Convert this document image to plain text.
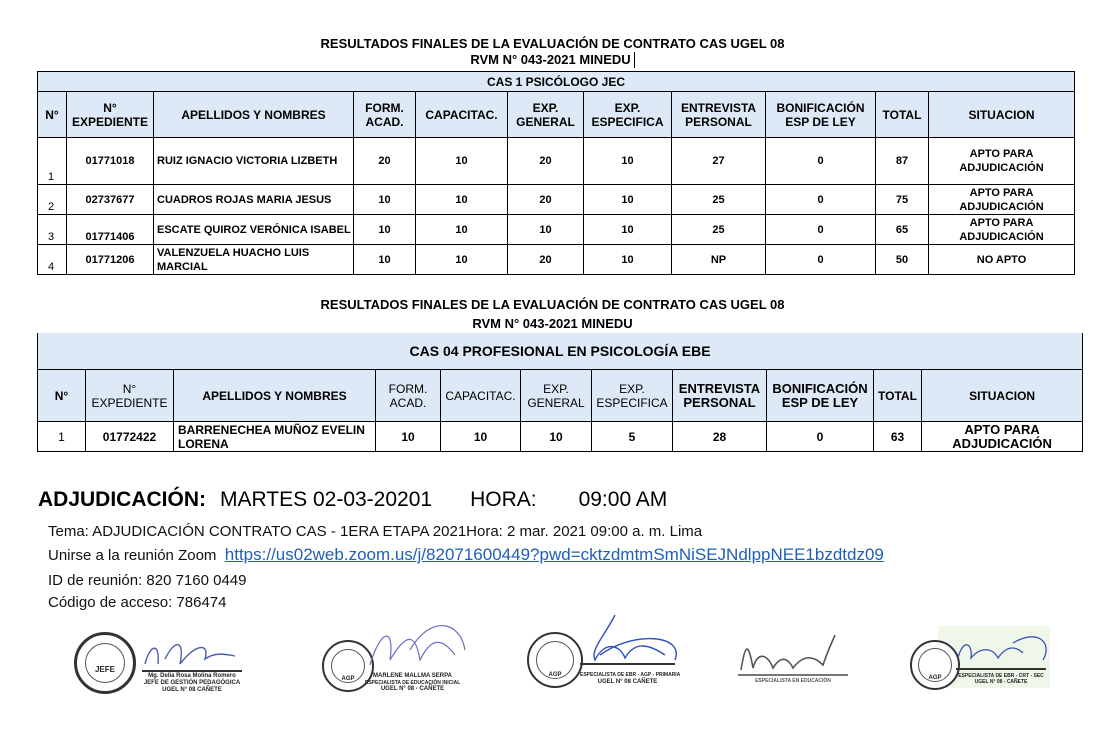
RESULTADOS FINALES DE LA EVALUACIÓN DE CONTRATO CAS UGEL 08
RVM N° 043-2021 MINEDU
CAS 1 PSICÓLOGO JEC										
N°	N° EXPEDIENTE	APELLIDOS Y NOMBRES	FORM. ACAD.	CAPACITAC.	EXP. GENERAL	EXP. ESPECIFICA	ENTREVISTA PERSONAL	BONIFICACIÓN ESP DE LEY	TOTAL	SITUACION
1	01771018	RUIZ IGNACIO VICTORIA LIZBETH	20	10	20	10	27	0	87	APTO PARA ADJUDICACIÓN
2	02737677	CUADROS ROJAS MARIA JESUS	10	10	20	10	25	0	75	APTO PARA ADJUDICACIÓN
3	01771406	ESCATE QUIROZ VERÓNICA ISABEL	10	10	10	10	25	0	65	APTO PARA ADJUDICACIÓN
4	01771206	VALENZUELA HUACHO LUIS MARCIAL	10	10	20	10	NP	0	50	NO APTO
RESULTADOS FINALES DE LA EVALUACIÓN DE CONTRATO CAS UGEL 08
RVM N° 043-2021 MINEDU
CAS 04 PROFESIONAL EN PSICOLOGÍA EBE										
N°	N° EXPEDIENTE	APELLIDOS Y NOMBRES	FORM. ACAD.	CAPACITAC.	EXP. GENERAL	EXP. ESPECIFICA	ENTREVISTA PERSONAL	BONIFICACIÓN ESP DE LEY	TOTAL	SITUACION
1	01772422	BARRENECHEA MUÑOZ EVELIN LORENA	10	10	10	5	28	0	63	APTO PARA ADJUDICACIÓN
ADJUDICACIÓN: MARTES 02-03-20201 HORA: 09:00 AM
Tema: ADJUDICACIÓN CONTRATO CAS - 1ERA ETAPA 2021Hora: 2 mar. 2021 09:00 a. m. Lima
Unirse a la reunión Zoom https://us02web.zoom.us/j/82071600449?pwd=cktzdmtmSmNiSEJNdlppNEE1bzdtdz09
ID de reunión: 820 7160 0449
Código de acceso: 786474
JEFE
Mg. Delia Rosa Molina Romero
JEFE DE GESTIÓN PEDAGÓGICA
UGEL N° 08 CAÑETE
AGP	MARLENE MALLMA SERPA
ESPECIALISTA DE EDUCACIÓN INICIAL
UGEL N° 08 - CAÑETE
AGP	ESPECIALISTA DE EBR - AGP - PRIMARIA
UGEL N° 08 CAÑETE	ESPECIALISTA EN EDUCACIÓN	AGP	ESPECIALISTA DE EBR - CRT - SEC
UGEL N° 08 - CAÑETE
